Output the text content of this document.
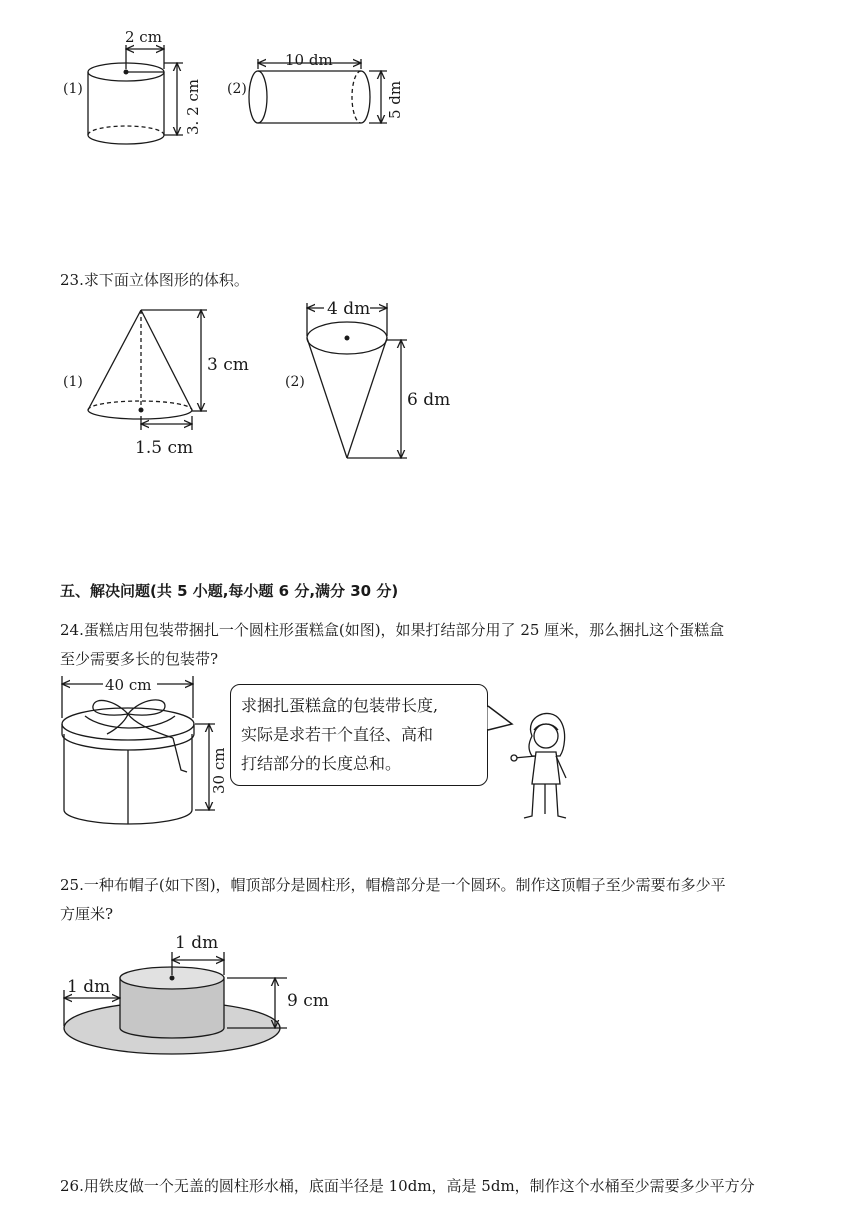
(1)
2 cm
3. 2 cm (2)
10 dm
5 dm
23.求下面立体图形的体积。
(1)
3 cm
1.5 cm
(2)
4 dm
6 dm
五、解决问题(共 5 小题,每小题 6 分,满分 30 分)
24.蛋糕店用包装带捆扎一个圆柱形蛋糕盒(如图)，如果打结部分用了 25 厘米，那么捆扎这个蛋糕盒
至少需要多长的包装带?
40 cm
30 cm
求捆扎蛋糕盒的包装带长度,
实际是求若干个直径、高和
打结部分的长度总和。
25.一种布帽子(如下图)，帽顶部分是圆柱形，帽檐部分是一个圆环。制作这顶帽子至少需要布多少平
方厘米?
1 dm
1 dm
9 cm
26.用铁皮做一个无盖的圆柱形水桶，底面半径是 10dm，高是 5dm，制作这个水桶至少需要多少平方分
